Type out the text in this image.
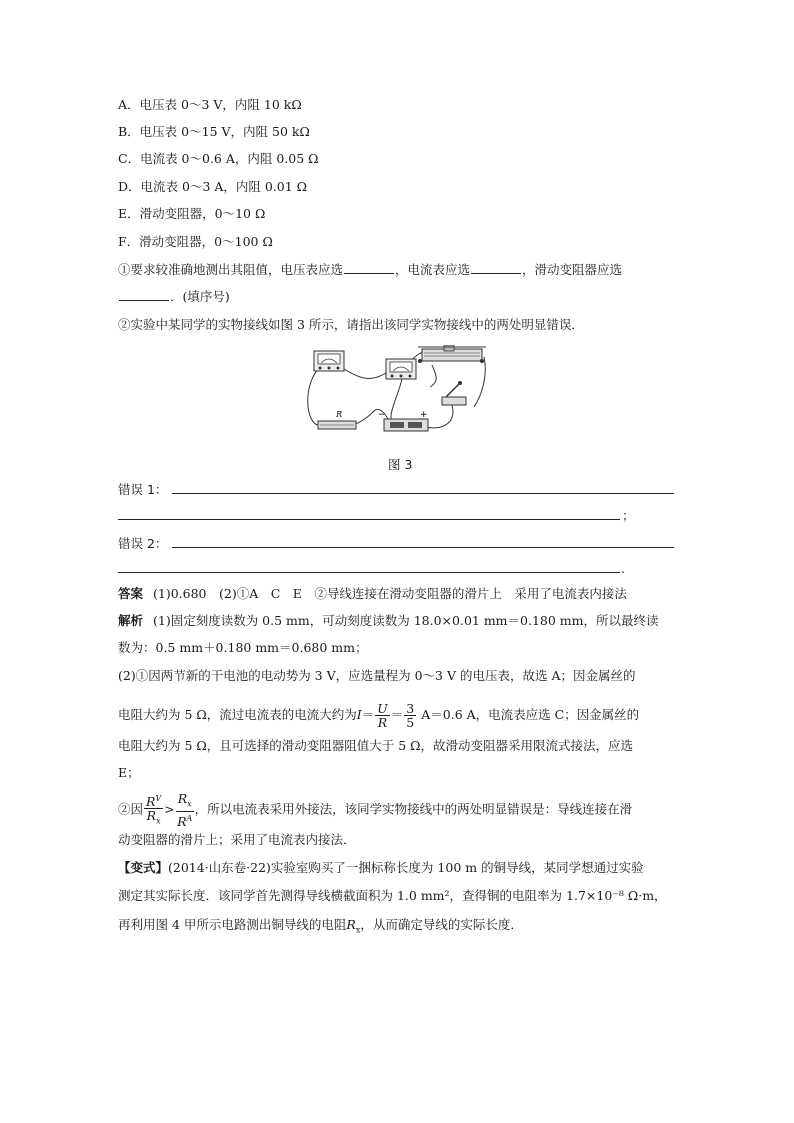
A．电压表 0～3 V，内阻 10 kΩ
B．电压表 0～15 V，内阻 50 kΩ
C．电流表 0～0.6 A，内阻 0.05 Ω
D．电流表 0～3 A，内阻 0.01 Ω
E．滑动变阻器，0～10 Ω
F．滑动变阻器，0～100 Ω
①要求较准确地测出其阻值，电压表应选	，电流表应选	，滑动变阻器应选
．(填序号)
②实验中某同学的实物接线如图 3 所示，请指出该同学实物接线中的两处明显错误．
R	−	+
图 3
错误 1：
；
错误 2：
.
答案 (1)0.680　(2)①A　C　E　②导线连接在滑动变阻器的滑片上　采用了电流表内接法
解析 (1)固定刻度读数为 0.5 mm，可动刻度读数为 18.0×0.01 mm＝0.180 mm，所以最终读
数为：0.5 mm＋0.180 mm＝0.680 mm；
(2)①因两节新的干电池的电动势为 3 V，应选量程为 0～3 V 的电压表，故选 A；因金属丝的
电阻大约为 5 Ω，流过电流表的电流大约为$I= \frac{U}{R} = \frac{3}{5} A=0.6$ A，电流表应选 C；因金属丝的
电阻大约为 5 Ω，且可选择的滑动变阻器阻值大于 5 Ω，故滑动变阻器采用限流式接法，应选
E；
②因 $\frac{R^V}{R_x} > \frac{R_x}{R^A}$ ，所以电流表采用外接法，该同学实物接线中的两处明显错误是：导线连接在滑
动变阻器的滑片上；采用了电流表内接法．
【变式】(2014·山东卷·22)实验室购买了一捆标称长度为 100 m 的铜导线，某同学想通过实验
测定其实际长度．该同学首先测得导线横截面积为 1.0 mm²，查得铜的电阻率为 1.7×10⁻⁸ Ω·m，
再利用图 4 甲所示电路测出铜导线的电阻$R_x$，从而确定导线的实际长度．
